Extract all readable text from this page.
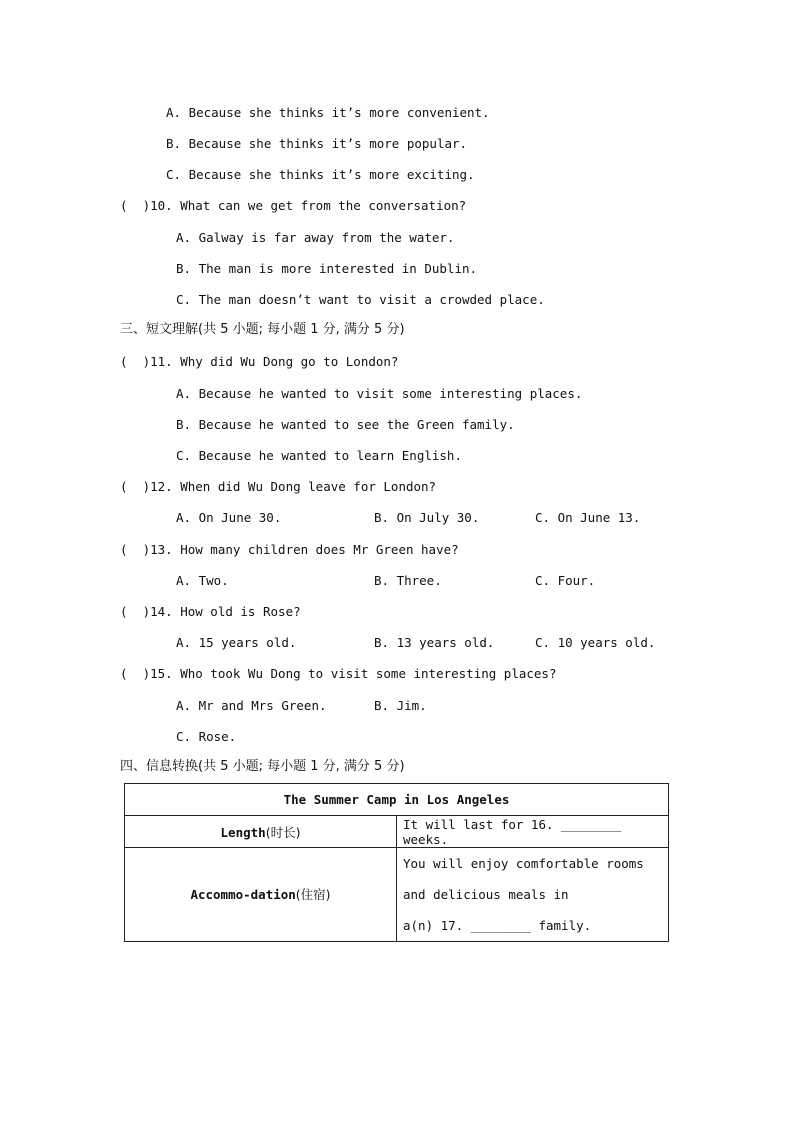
A. Because she thinks it’s more convenient.
B. Because she thinks it’s more popular.
C. Because she thinks it’s more exciting.
(  )10. What can we get from the conversation?
A. Galway is far away from the water.
B. The man is more interested in Dublin.
C. The man doesn’t want to visit a crowded place.
三、短文理解(共 5 小题; 每小题 1 分, 满分 5 分)
(  )11. Why did Wu Dong go to London?
A. Because he wanted to visit some interesting places.
B. Because he wanted to see the Green family.
C. Because he wanted to learn English.
(  )12. When did Wu Dong leave for London?
A. On June 30.	B. On July 30.	C. On June 13.
(  )13. How many children does Mr Green have?
A. Two.	B. Three.	C. Four.
(  )14. How old is Rose?
A. 15 years old.	B. 13 years old.	C. 10 years old.
(  )15. Who took Wu Dong to visit some interesting places?
A. Mr and Mrs Green.	B. Jim.
C. Rose.
四、信息转换(共 5 小题; 每小题 1 分, 满分 5 分)
The Summer Camp in Los Angeles	
Length(时长)	It will last for 16. ________ weeks.
Accommo-dation(住宿)	You will enjoy comfortable rooms and delicious meals in
a(n) 17. ________ family.
